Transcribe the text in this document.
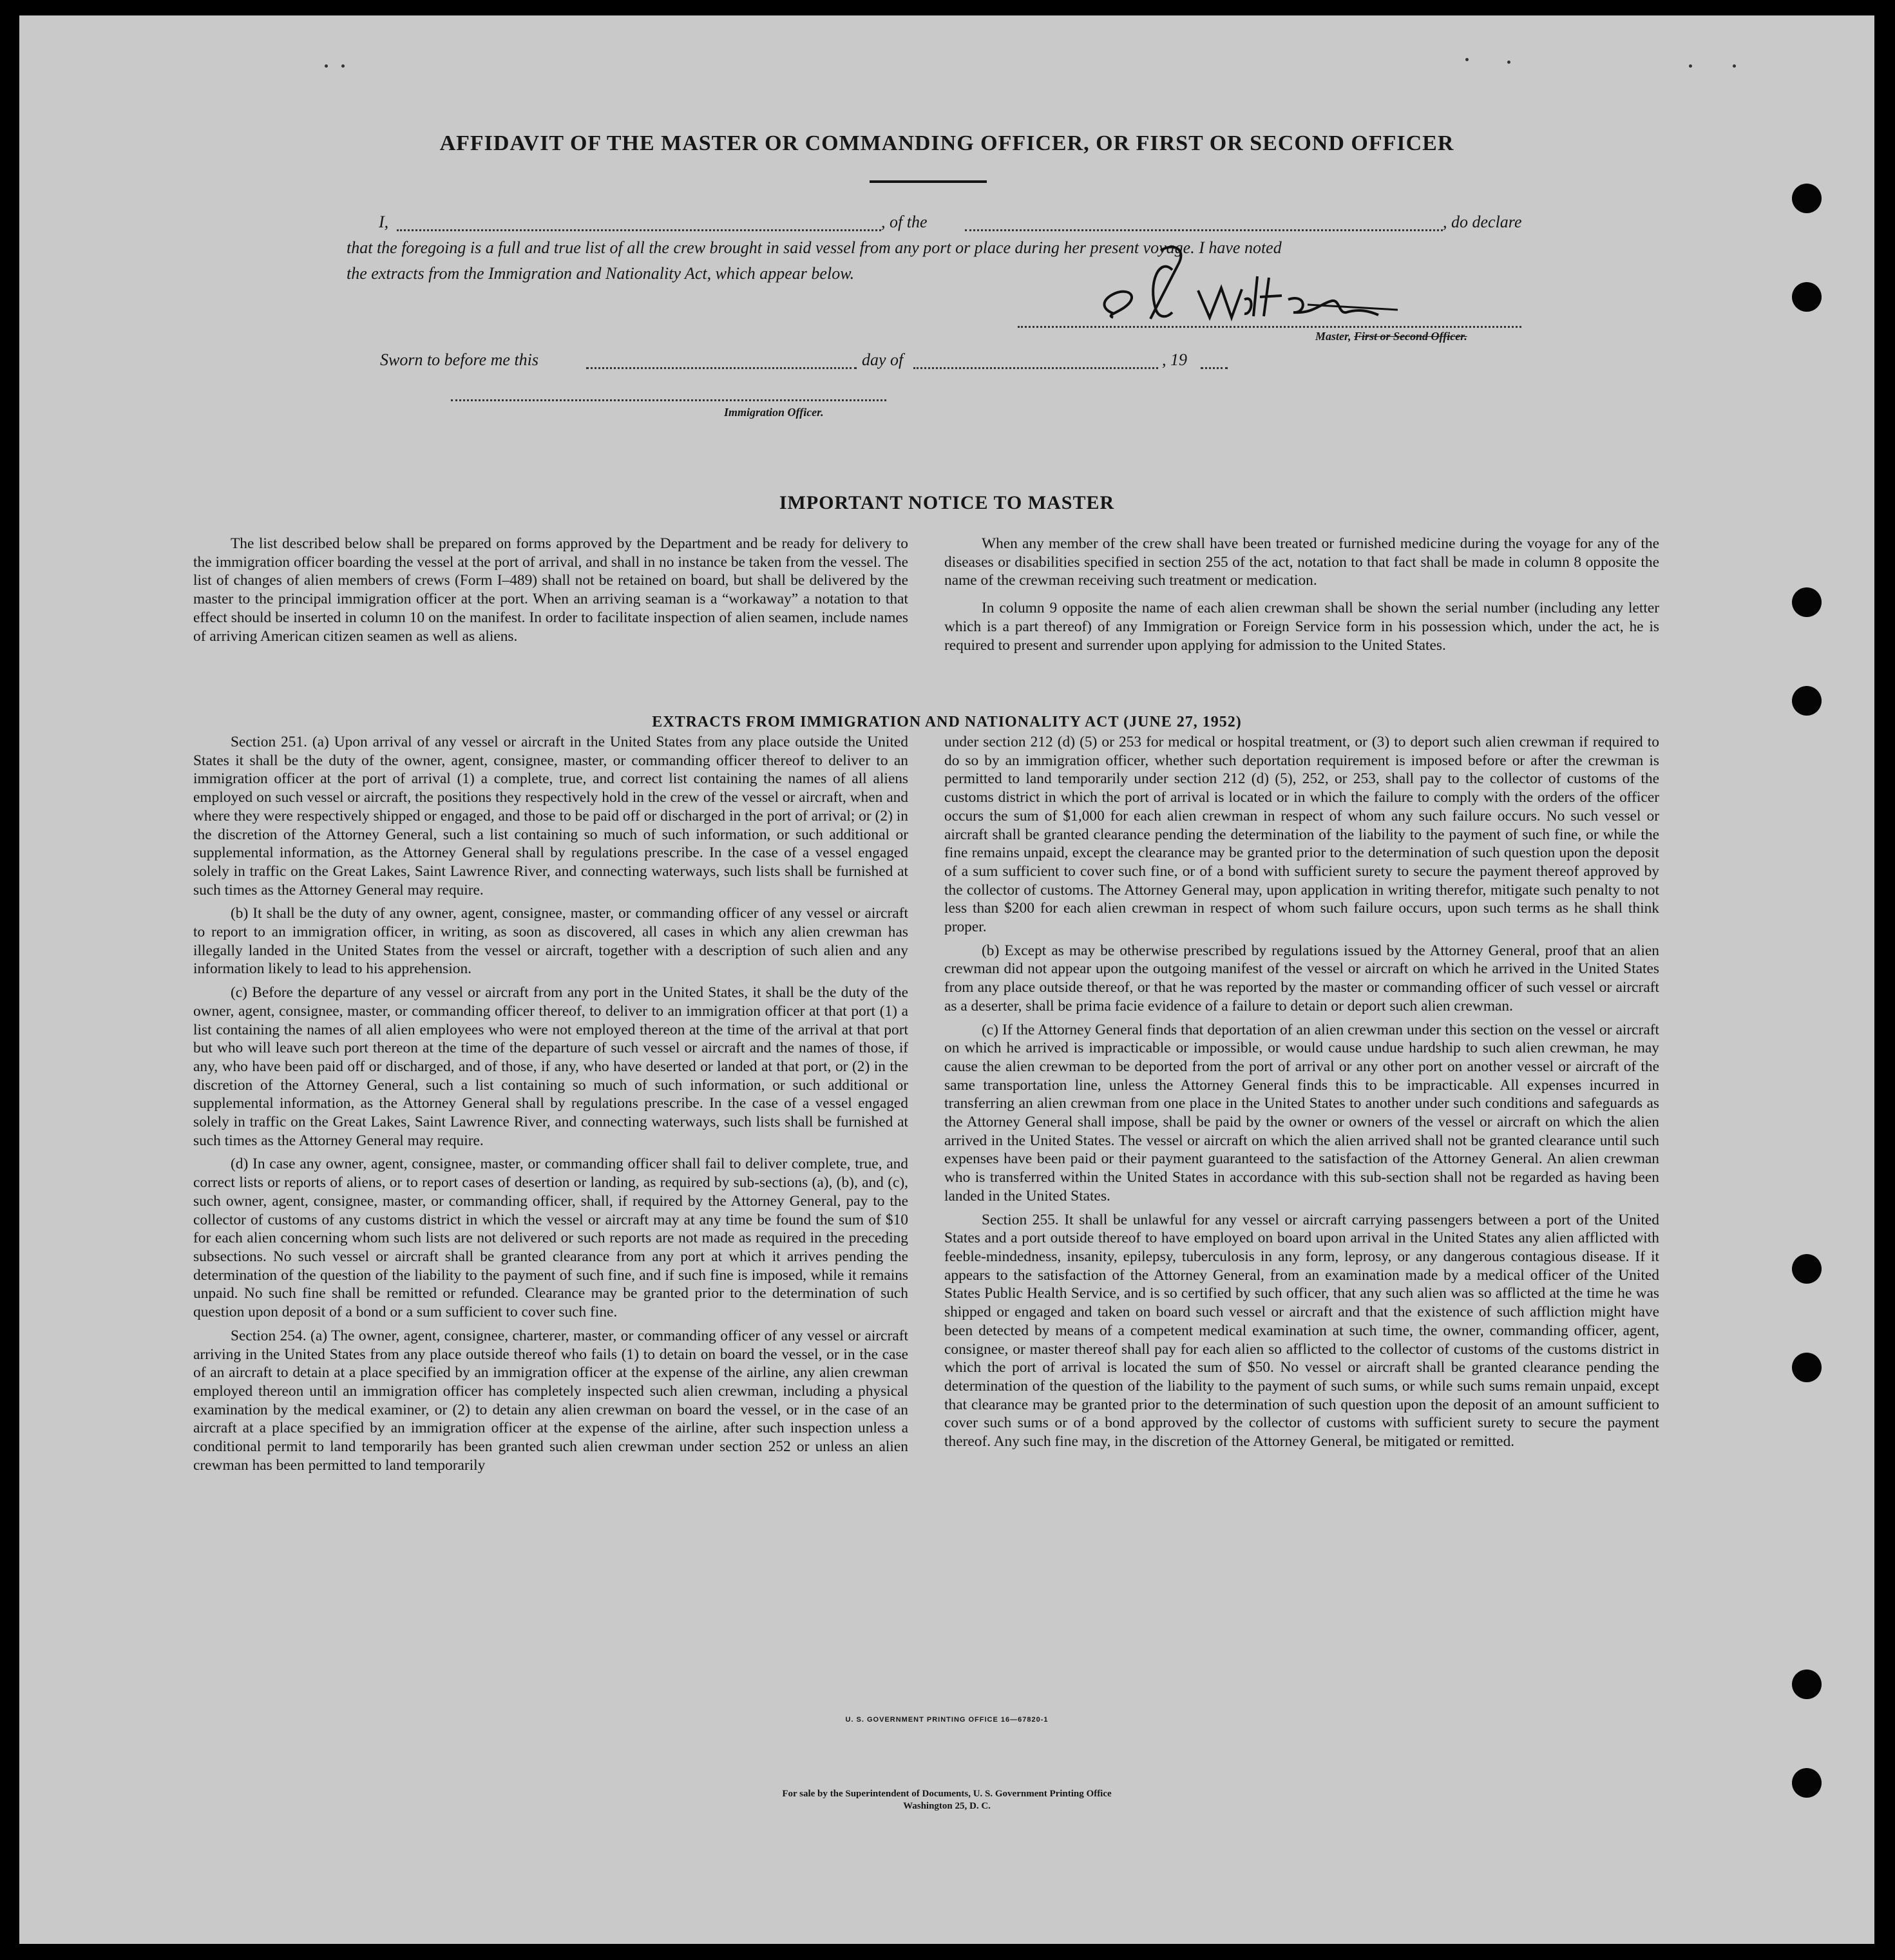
AFFIDAVIT OF THE MASTER OR COMMANDING OFFICER, OR FIRST OR SECOND OFFICER
I,	, of the	, do declare
that the foregoing is a full and true list of all the crew brought in said vessel from any port or place during her present voyage. I have noted
the extracts from the Immigration and Nationality Act, which appear below.
Master, First or Second Officer.
Sworn to before me this	day of	, 19
Immigration Officer.
IMPORTANT NOTICE TO MASTER

The list described below shall be prepared on forms approved by the Department and be ready for delivery to the immigration officer boarding the vessel at the port of arrival, and shall in no instance be taken from the vessel. The list of changes of alien members of crews (Form I–489) shall not be retained on board, but shall be delivered by the master to the principal immigration officer at the port. When an arriving seaman is a “workaway” a notation to that effect should be inserted in column 10 on the manifest. In order to facilitate inspection of alien seamen, include names of arriving American citizen seamen as well as aliens.

When any member of the crew shall have been treated or furnished medicine during the voyage for any of the diseases or disabilities specified in section 255 of the act, notation to that fact shall be made in column 8 opposite the name of the crewman receiving such treatment or medication.

In column 9 opposite the name of each alien crewman shall be shown the serial number (including any letter which is a part thereof) of any Immigration or Foreign Service form in his possession which, under the act, he is required to present and surrender upon applying for admission to the United States.

EXTRACTS FROM IMMIGRATION AND NATIONALITY ACT (JUNE 27, 1952)

Section 251. (a) Upon arrival of any vessel or aircraft in the United States from any place outside the United States it shall be the duty of the owner, agent, consignee, master, or commanding officer thereof to deliver to an immigration officer at the port of arrival (1) a complete, true, and correct list containing the names of all aliens employed on such vessel or aircraft, the positions they respectively hold in the crew of the vessel or aircraft, when and where they were respectively shipped or engaged, and those to be paid off or discharged in the port of arrival; or (2) in the discretion of the Attorney General, such a list containing so much of such information, or such additional or supplemental information, as the Attorney General shall by regulations prescribe. In the case of a vessel engaged solely in traffic on the Great Lakes, Saint Lawrence River, and connecting waterways, such lists shall be furnished at such times as the Attorney General may require.

(b) It shall be the duty of any owner, agent, consignee, master, or commanding officer of any vessel or aircraft to report to an immigration officer, in writing, as soon as discovered, all cases in which any alien crewman has illegally landed in the United States from the vessel or aircraft, together with a description of such alien and any information likely to lead to his apprehension.

(c) Before the departure of any vessel or aircraft from any port in the United States, it shall be the duty of the owner, agent, consignee, master, or commanding officer thereof, to deliver to an immigration officer at that port (1) a list containing the names of all alien employees who were not employed thereon at the time of the arrival at that port but who will leave such port thereon at the time of the departure of such vessel or aircraft and the names of those, if any, who have been paid off or discharged, and of those, if any, who have deserted or landed at that port, or (2) in the discretion of the Attorney General, such a list containing so much of such information, or such additional or supplemental information, as the Attorney General shall by regulations prescribe. In the case of a vessel engaged solely in traffic on the Great Lakes, Saint Lawrence River, and connecting waterways, such lists shall be furnished at such times as the Attorney General may require.

(d) In case any owner, agent, consignee, master, or commanding officer shall fail to deliver complete, true, and correct lists or reports of aliens, or to report cases of desertion or landing, as required by sub-sections (a), (b), and (c), such owner, agent, consignee, master, or commanding officer, shall, if required by the Attorney General, pay to the collector of customs of any customs district in which the vessel or aircraft may at any time be found the sum of $10 for each alien concerning whom such lists are not delivered or such reports are not made as required in the preceding subsections. No such vessel or aircraft shall be granted clearance from any port at which it arrives pending the determination of the question of the liability to the payment of such fine, and if such fine is imposed, while it remains unpaid. No such fine shall be remitted or refunded. Clearance may be granted prior to the determination of such question upon deposit of a bond or a sum sufficient to cover such fine.

Section 254. (a) The owner, agent, consignee, charterer, master, or commanding officer of any vessel or aircraft arriving in the United States from any place outside thereof who fails (1) to detain on board the vessel, or in the case of an aircraft to detain at a place specified by an immigration officer at the expense of the airline, any alien crewman employed thereon until an immigration officer has completely inspected such alien crewman, including a physical examination by the medical examiner, or (2) to detain any alien crewman on board the vessel, or in the case of an aircraft at a place specified by an immigration officer at the expense of the airline, after such inspection unless a conditional permit to land temporarily has been granted such alien crewman under section 252 or unless an alien crewman has been permitted to land temporarily

under section 212 (d) (5) or 253 for medical or hospital treatment, or (3) to deport such alien crewman if required to do so by an immigration officer, whether such deportation requirement is imposed before or after the crewman is permitted to land temporarily under section 212 (d) (5), 252, or 253, shall pay to the collector of customs of the customs district in which the port of arrival is located or in which the failure to comply with the orders of the officer occurs the sum of $1,000 for each alien crewman in respect of whom any such failure occurs. No such vessel or aircraft shall be granted clearance pending the determination of the liability to the payment of such fine, or while the fine remains unpaid, except the clearance may be granted prior to the determination of such question upon the deposit of a sum sufficient to cover such fine, or of a bond with sufficient surety to secure the payment thereof approved by the collector of customs. The Attorney General may, upon application in writing therefor, mitigate such penalty to not less than $200 for each alien crewman in respect of whom such failure occurs, upon such terms as he shall think proper.

(b) Except as may be otherwise prescribed by regulations issued by the Attorney General, proof that an alien crewman did not appear upon the outgoing manifest of the vessel or aircraft on which he arrived in the United States from any place outside thereof, or that he was reported by the master or commanding officer of such vessel or aircraft as a deserter, shall be prima facie evidence of a failure to detain or deport such alien crewman.

(c) If the Attorney General finds that deportation of an alien crewman under this section on the vessel or aircraft on which he arrived is impracticable or impossible, or would cause undue hardship to such alien crewman, he may cause the alien crewman to be deported from the port of arrival or any other port on another vessel or aircraft of the same transportation line, unless the Attorney General finds this to be impracticable. All expenses incurred in transferring an alien crewman from one place in the United States to another under such conditions and safeguards as the Attorney General shall impose, shall be paid by the owner or owners of the vessel or aircraft on which the alien arrived in the United States. The vessel or aircraft on which the alien arrived shall not be granted clearance until such expenses have been paid or their payment guaranteed to the satisfaction of the Attorney General. An alien crewman who is transferred within the United States in accordance with this sub-section shall not be regarded as having been landed in the United States.

Section 255. It shall be unlawful for any vessel or aircraft carrying passengers between a port of the United States and a port outside thereof to have employed on board upon arrival in the United States any alien afflicted with feeble-mindedness, insanity, epilepsy, tuberculosis in any form, leprosy, or any dangerous contagious disease. If it appears to the satisfaction of the Attorney General, from an examination made by a medical officer of the United States Public Health Service, and is so certified by such officer, that any such alien was so afflicted at the time he was shipped or engaged and taken on board such vessel or aircraft and that the existence of such affliction might have been detected by means of a competent medical examination at such time, the owner, commanding officer, agent, consignee, or master thereof shall pay for each alien so afflicted to the collector of customs of the customs district in which the port of arrival is located the sum of $50. No vessel or aircraft shall be granted clearance pending the determination of the question of the liability to the payment of such sums, or while such sums remain unpaid, except that clearance may be granted prior to the determination of such question upon the deposit of an amount sufficient to cover such sums or of a bond approved by the collector of customs with sufficient surety to secure the payment thereof. Any such fine may, in the discretion of the Attorney General, be mitigated or remitted.

U. S. GOVERNMENT PRINTING OFFICE 16—67820-1
For sale by the Superintendent of Documents, U. S. Government Printing Office
Washington 25, D. C.
